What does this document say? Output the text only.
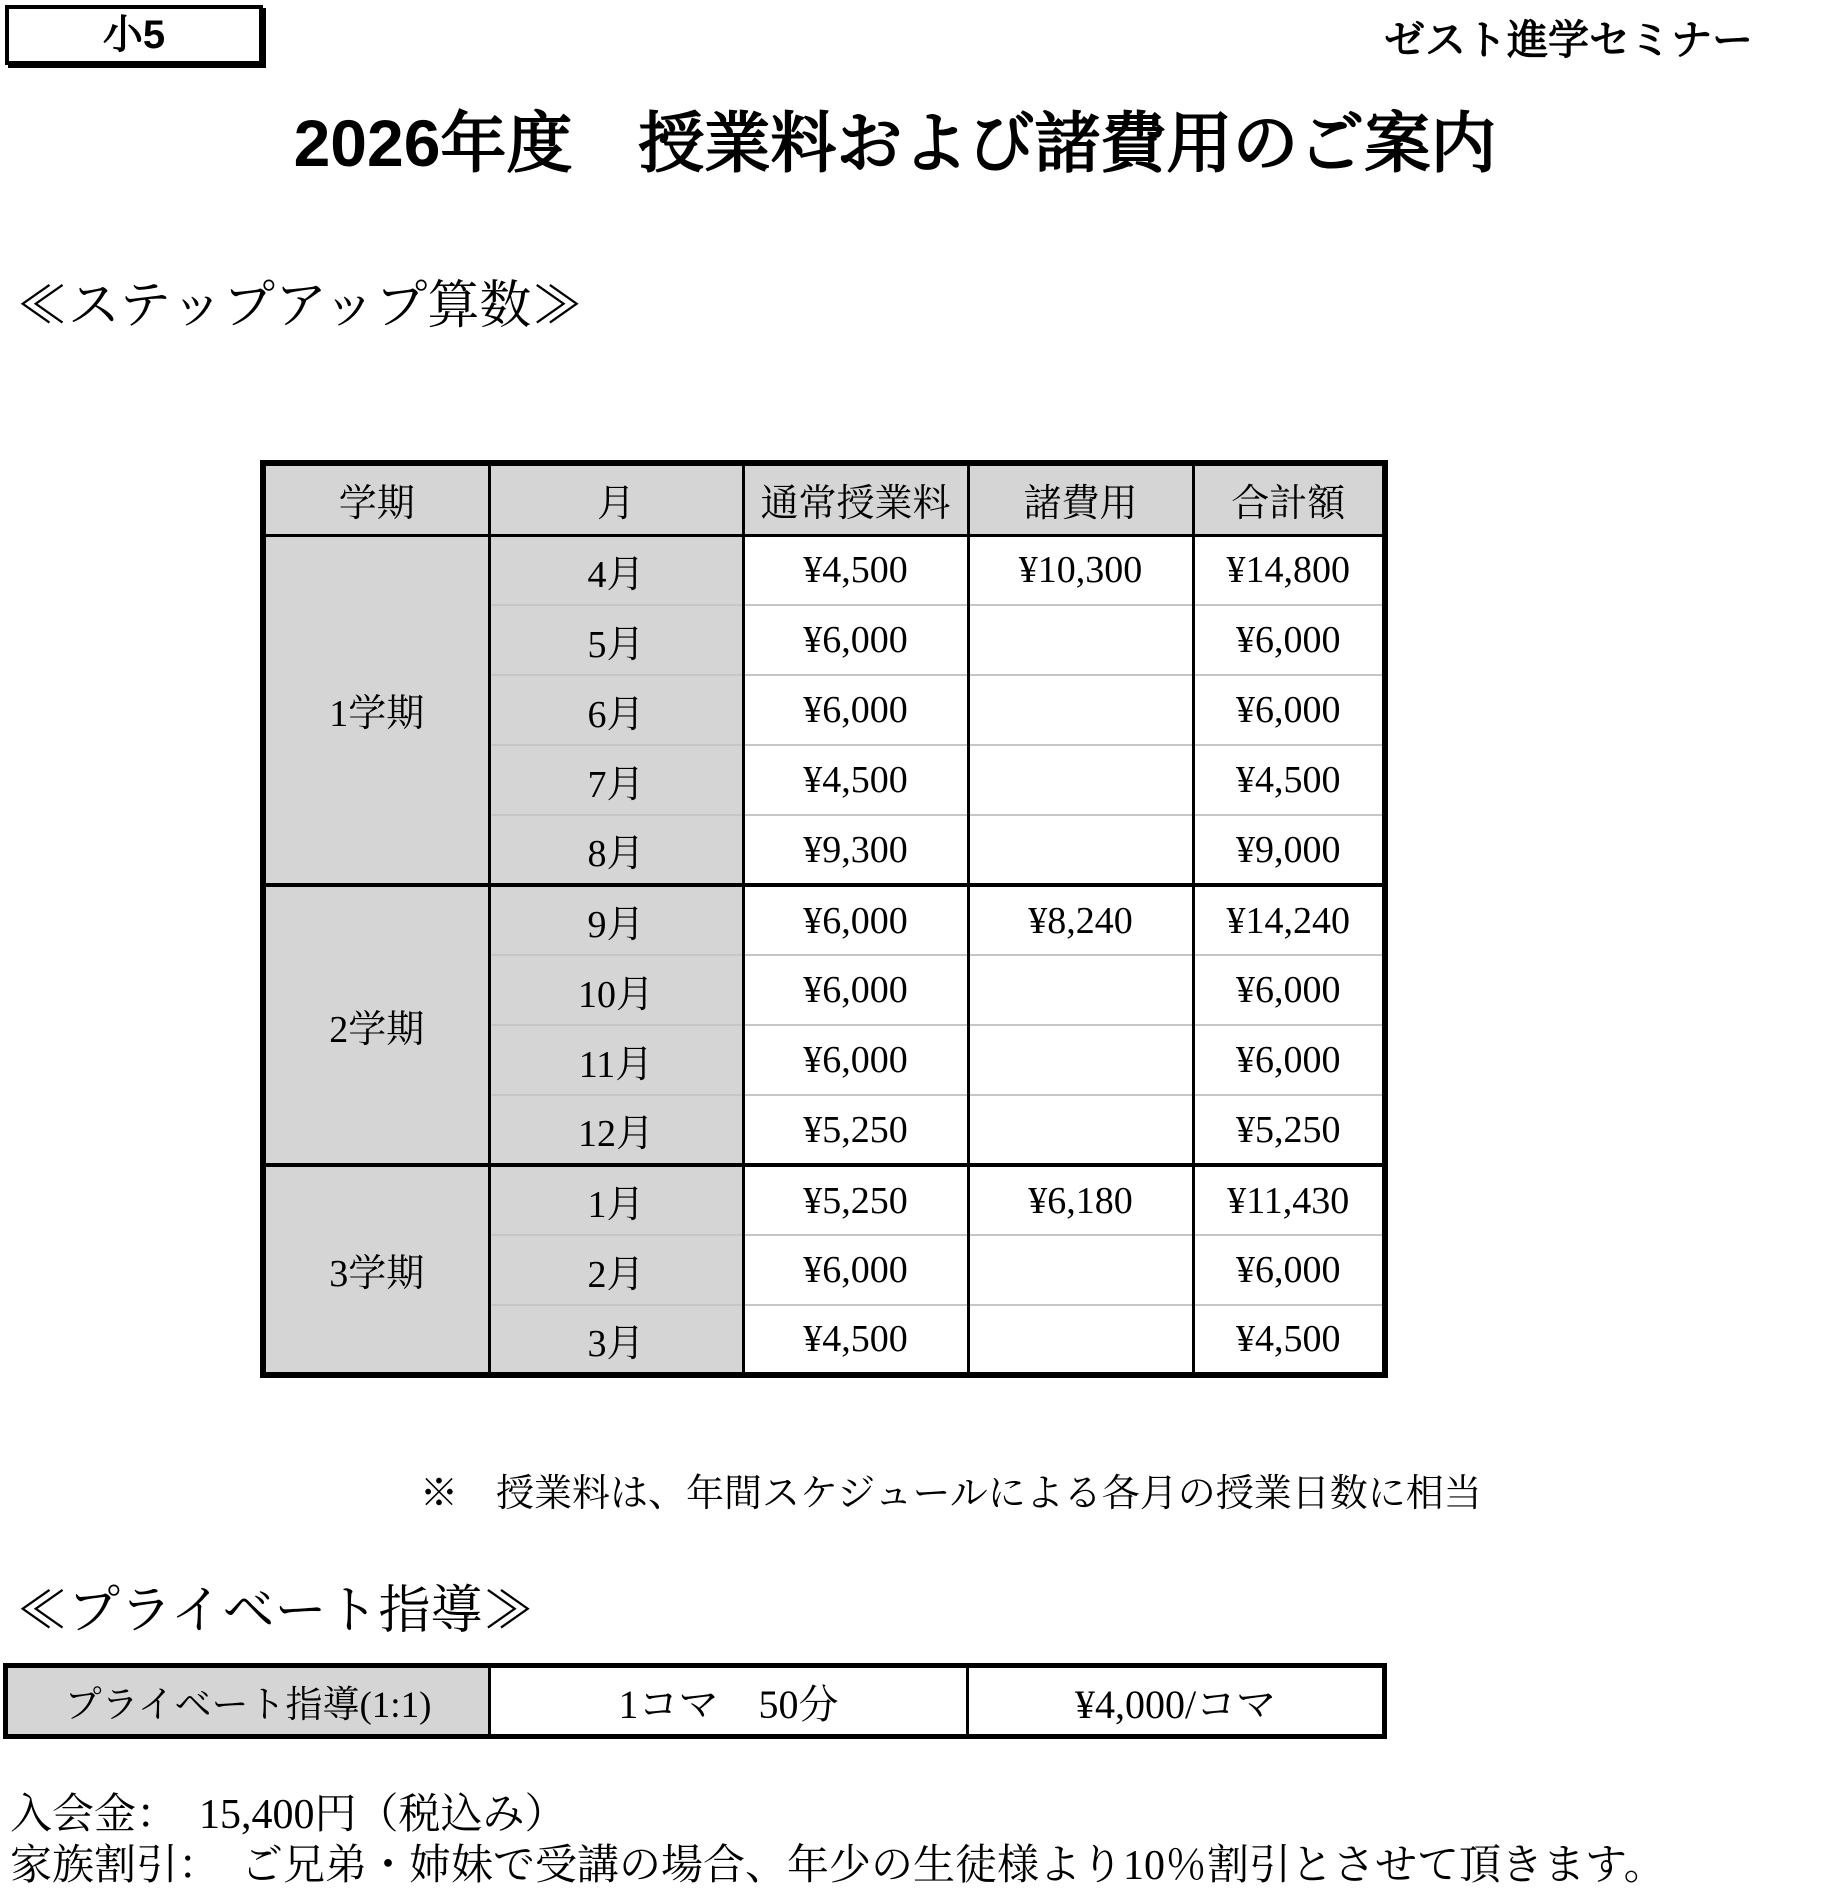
小5	ゼスト進学セミナー
2026年度　授業料および諸費用のご案内
≪ステップアップ算数≫
学期	月	通常授業料	諸費用	合計額
1学期	4月	¥4,500	¥10,300	¥14,800
	5月	¥6,000		¥6,000
	6月	¥6,000		¥6,000
	7月	¥4,500		¥4,500
	8月	¥9,300		¥9,000
2学期	9月	¥6,000	¥8,240	¥14,240
	10月	¥6,000		¥6,000
	11月	¥6,000		¥6,000
	12月	¥5,250		¥5,250
3学期	1月	¥5,250	¥6,180	¥11,430
	2月	¥6,000		¥6,000
	3月	¥4,500		¥4,500
※　授業料は、年間スケジュールによる各月の授業日数に相当
≪プライベート指導≫
プライベート指導(1:1)	1コマ　50分	¥4,000/コマ
入会金：　15,400円（税込み）
家族割引：　ご兄弟・姉妹で受講の場合、年少の生徒様より10％割引とさせて頂きます。
